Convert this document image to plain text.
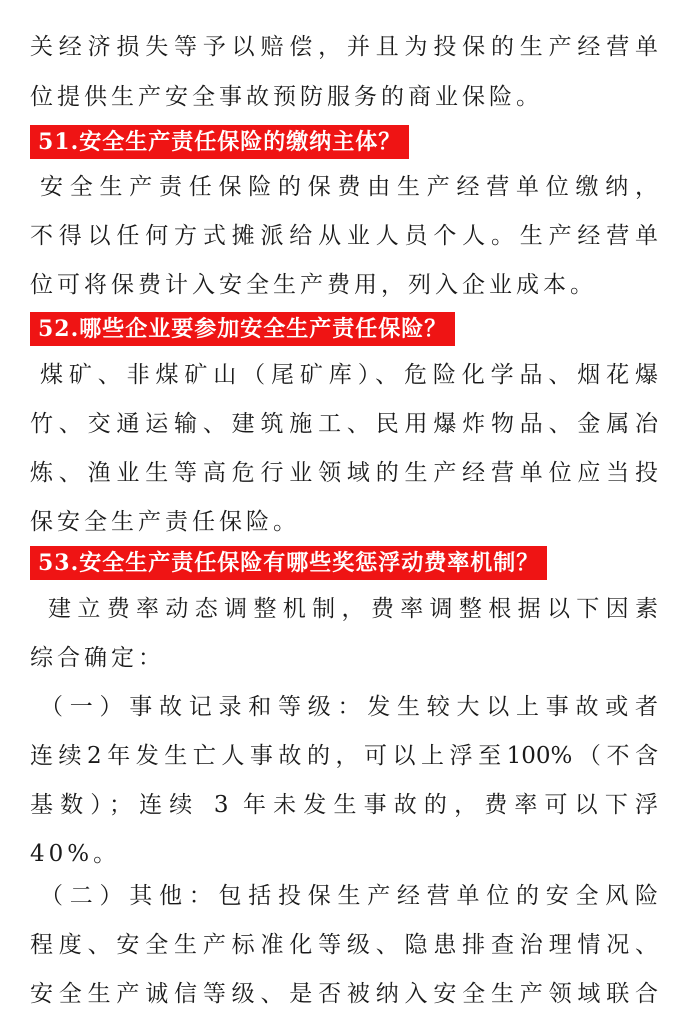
关经济损失等予以赔偿，并且为投保的生产经营单
位提供生产安全事故预防服务的商业保险。
51.安全生产责任保险的缴纳主体？
安全生产责任保险的保费由生产经营单位缴纳，
不得以任何方式摊派给从业人员个人。生产经营单
位可将保费计入安全生产费用，列入企业成本。
52.哪些企业要参加安全生产责任保险？
煤矿、非煤矿山（尾矿库）、危险化学品、烟花爆
竹、交通运输、建筑施工、民用爆炸物品、金属冶
炼、渔业生等高危行业领域的生产经营单位应当投
保安全生产责任保险。
53.安全生产责任保险有哪些奖惩浮动费率机制？
建立费率动态调整机制，费率调整根据以下因素
综合确定：
（一）事故记录和等级：发生较大以上事故或者
连续2年发生亡人事故的，可以上浮至100%（不含
基数）；连续 3 年未发生事故的，费率可以下浮
40%。
（二）其他：包括投保生产经营单位的安全风险
程度、安全生产标准化等级、隐患排查治理情况、
安全生产诚信等级、是否被纳入安全生产领域联合
